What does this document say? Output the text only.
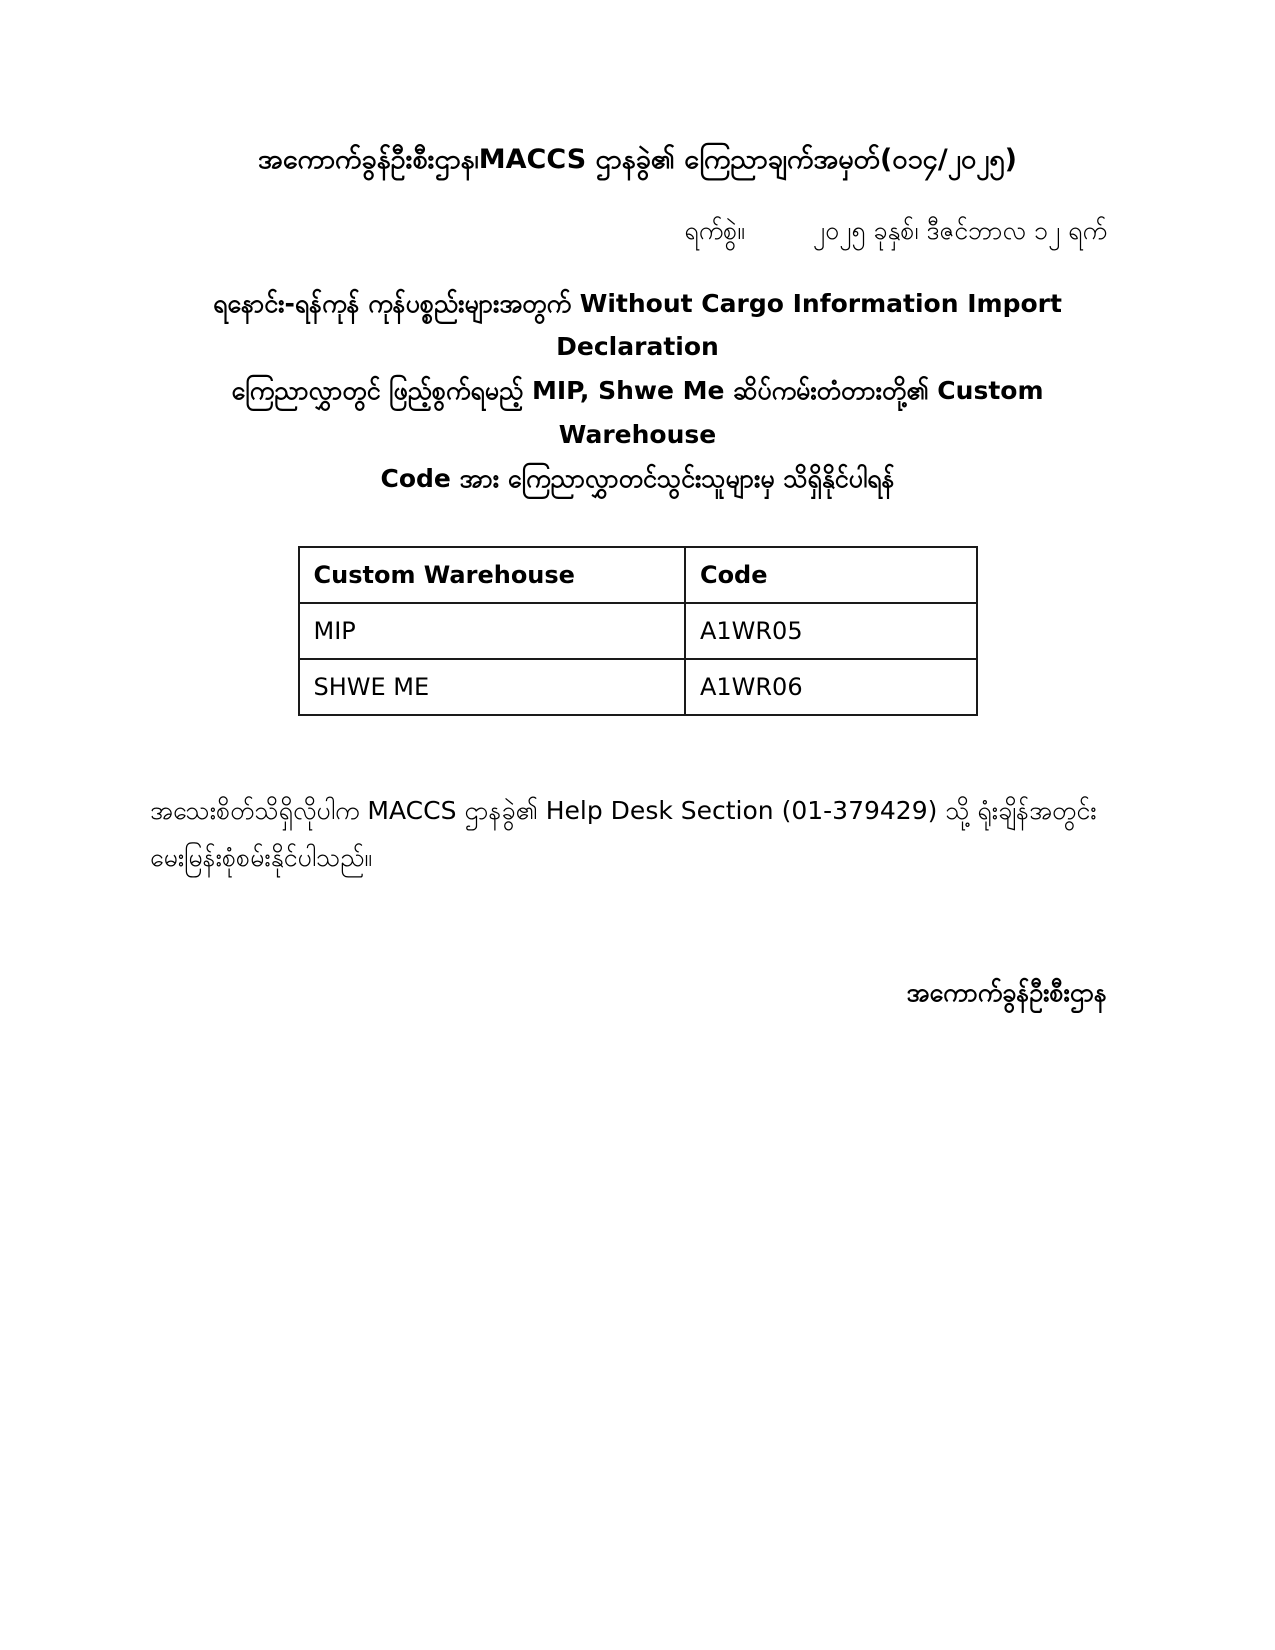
အကောက်ခွန်ဦးစီးဌာန၊MACCS ဌာနခွဲ၏ ကြေညာချက်အမှတ်(၀၁၄/၂၀၂၅)
ရက်စွဲ။	၂၀၂၅ ခုနှစ်၊ ဒီဇင်ဘာလ ၁၂ ရက်
ရနောင်း-ရန်ကုန် ကုန်ပစ္စည်းများအတွက် Without Cargo Information Import Declaration
ကြေညာလွှာတွင် ဖြည့်စွက်ရမည့် MIP, Shwe Me ဆိပ်ကမ်းတံတားတို့၏ Custom Warehouse
Code အား ကြေညာလွှာတင်သွင်းသူများမှ သိရှိနိုင်ပါရန်
Custom Warehouse	Code
MIP	A1WR05
SHWE ME	A1WR06
အသေးစိတ်သိရှိလိုပါက MACCS ဌာနခွဲ၏ Help Desk Section (01-379429) သို့ ရုံးချိန်အတွင်း မေးမြန်းစုံစမ်းနိုင်ပါသည်။
အကောက်ခွန်ဦးစီးဌာန
